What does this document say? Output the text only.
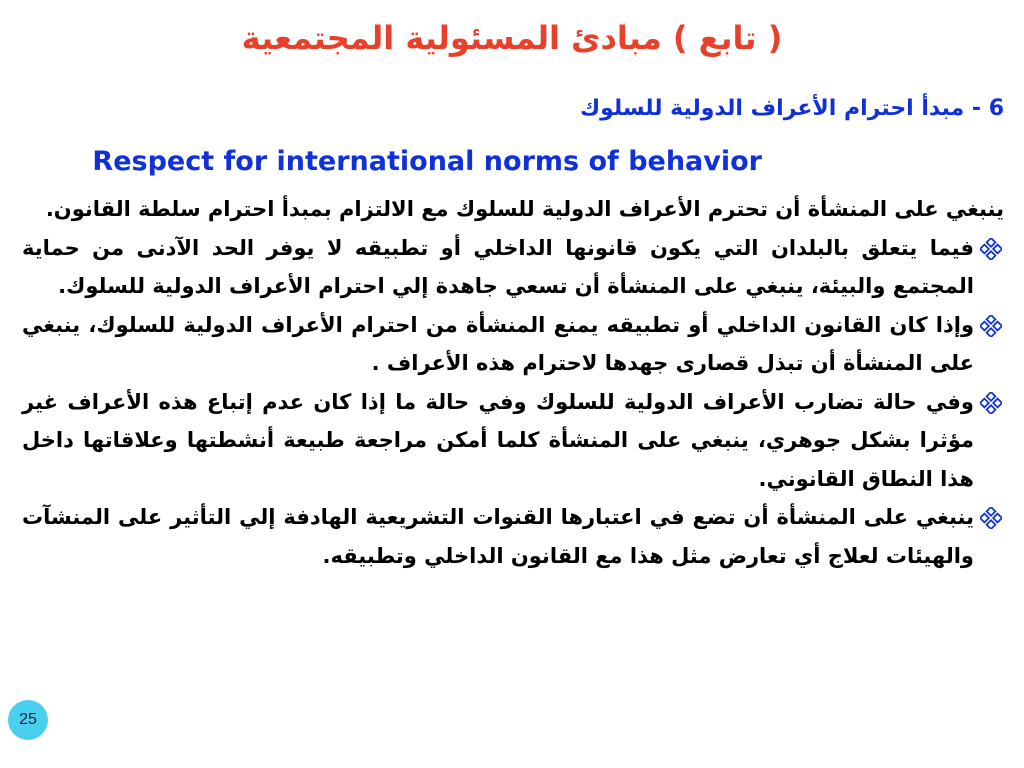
( تابع ) مبادئ المسئولية المجتمعية
6 - مبدأ احترام الأعراف الدولية للسلوك
Respect for international norms of behavior

ينبغي على المنشأة أن تحترم الأعراف الدولية للسلوك مع الالتزام بمبدأ احترام سلطة القانون.

فيما يتعلق بالبلدان التي يكون قانونها الداخلي أو تطبيقه لا يوفر الحد الآدنى من حماية المجتمع والبيئة، ينبغي على المنشأة أن تسعي جاهدة إلي احترام الأعراف الدولية للسلوك.
وإذا كان القانون الداخلي أو تطبيقه يمنع المنشأة من احترام الأعراف الدولية للسلوك، ينبغي على المنشأة أن تبذل قصارى جهدها لاحترام هذه الأعراف .
وفي حالة تضارب الأعراف الدولية للسلوك وفي حالة ما إذا كان عدم إتباع هذه الأعراف غير مؤثرا بشكل جوهري، ينبغي على المنشأة كلما أمكن مراجعة طبيعة أنشطتها وعلاقاتها داخل هذا النطاق القانوني.
ينبغي على المنشأة أن تضع في اعتبارها القنوات التشريعية الهادفة إلي التأثير على المنشآت والهيئات لعلاج أي تعارض مثل هذا مع القانون الداخلي وتطبيقه.
25
